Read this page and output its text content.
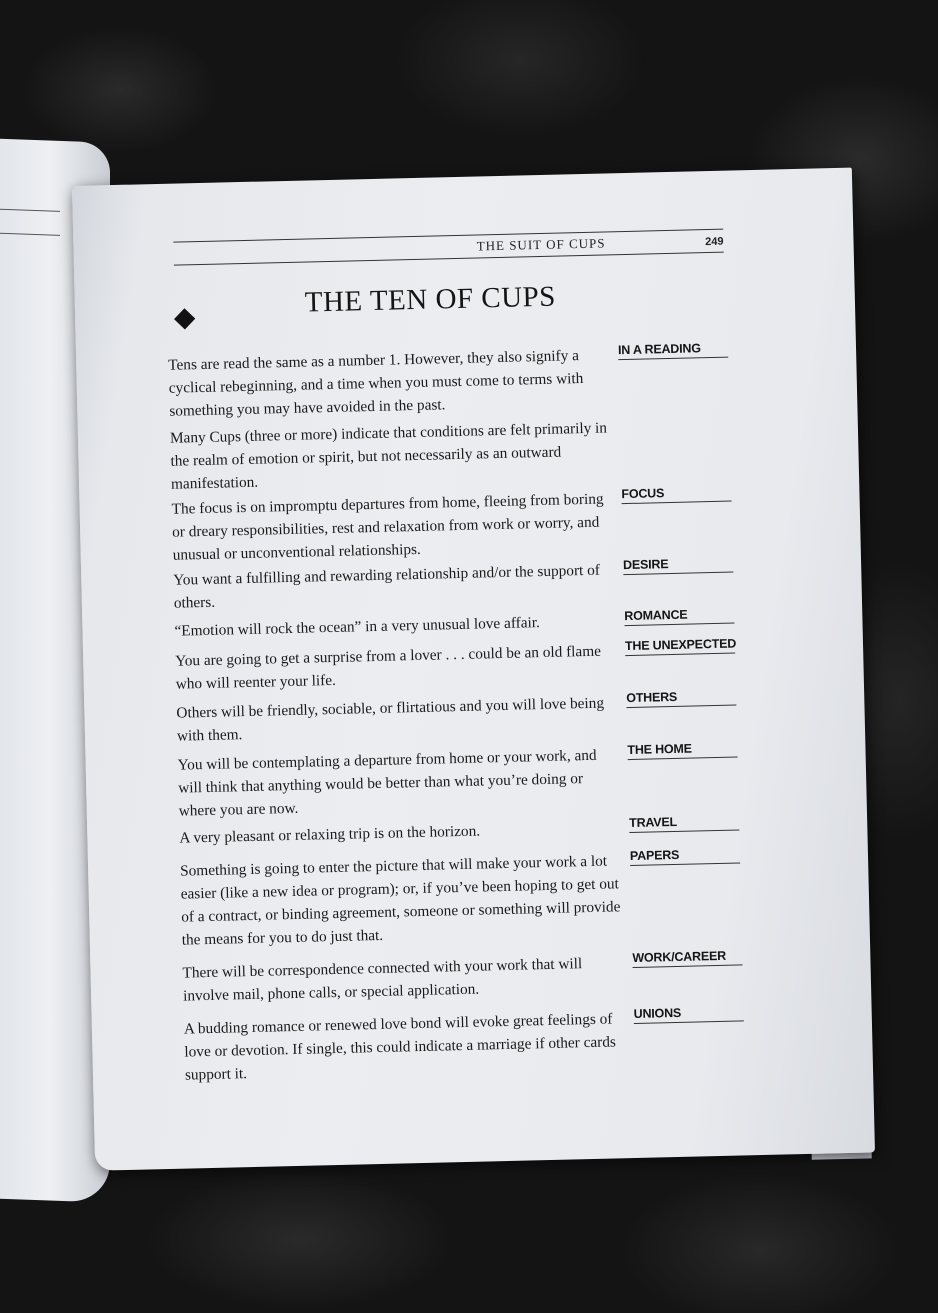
THE SUIT OF CUPS	249
THE TEN OF CUPS
Tens are read the same as a number 1. However, they also signify a cyclical rebeginning, and a time when you must come to terms with something you may have avoided in the past.
IN A READING
Many Cups (three or more) indicate that conditions are felt primarily in the realm of emotion or spirit, but not necessarily as an outward manifestation.
The focus is on impromptu departures from home, fleeing from boring or dreary responsibilities, rest and relaxation from work or worry, and unusual or unconventional relationships.
FOCUS
You want a fulfilling and rewarding relationship and/or the support of others.
DESIRE
“Emotion will rock the ocean” in a very unusual love affair.	ROMANCE
You are going to get a surprise from a lover . . . could be an old flame who will reenter your life.
THE UNEXPECTED
Others will be friendly, sociable, or flirtatious and you will love being with them.
OTHERS
You will be contemplating a departure from home or your work, and will think that anything would be better than what you’re doing or where you are now.
THE HOME
A very pleasant or relaxing trip is on the horizon.
TRAVEL
Something is going to enter the picture that will make your work a lot easier (like a new idea or program); or, if you’ve been hoping to get out of a contract, or binding agreement, someone or something will provide the means for you to do just that.
PAPERS
There will be correspondence connected with your work that will involve mail, phone calls, or special application.
WORK/CAREER
A budding romance or renewed love bond will evoke great feelings of love or devotion. If single, this could indicate a marriage if other cards support it.
UNIONS
